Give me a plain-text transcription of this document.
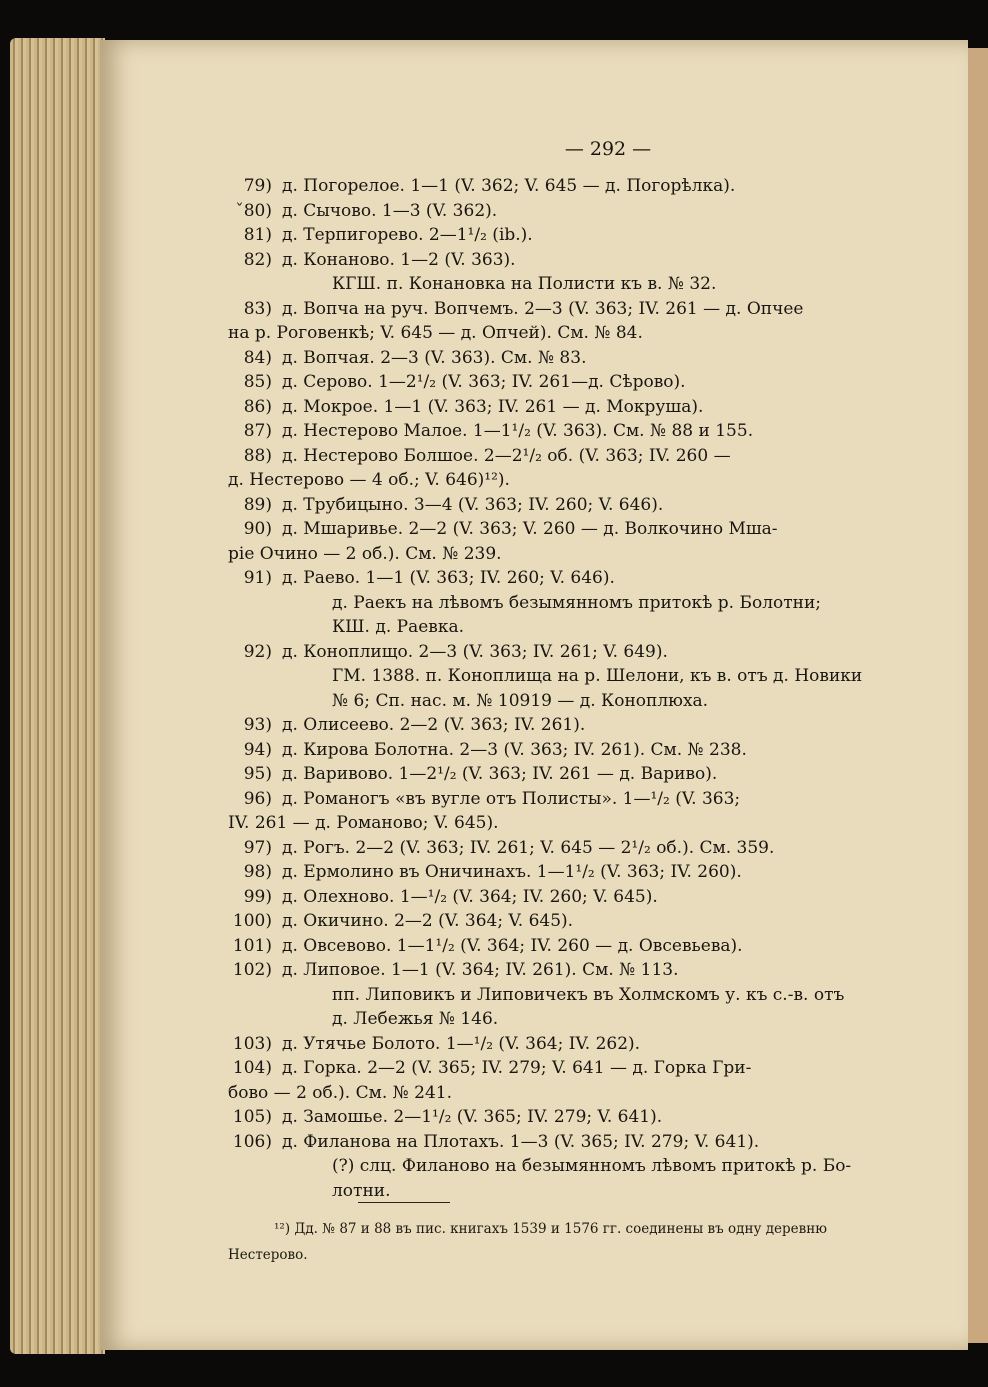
— 292 —
79) д. Погорелое. 1—1 (V. 362; V. 645 — д. Погорѣлка).
ˇ80) д. Сычово. 1—3 (V. 362).
81) д. Терпигорево. 2—1¹/₂ (ib.).
82) д. Конаново. 1—2 (V. 363).
КГШ. п. Конановка на Полисти къ в. № 32.
83) д. Вопча на руч. Вопчемъ. 2—3 (V. 363; IV. 261 — д. Опчее
на р. Роговенкѣ; V. 645 — д. Опчей). См. № 84.
84) д. Вопчая. 2—3 (V. 363). См. № 83.
85) д. Серово. 1—2¹/₂ (V. 363; IV. 261—д. Сѣрово).
86) д. Мокрое. 1—1 (V. 363; IV. 261 — д. Мокруша).
87) д. Нестерово Малое. 1—1¹/₂ (V. 363). См. № 88 и 155.
88) д. Нестерово Болшое. 2—2¹/₂ об. (V. 363; IV. 260 —
д. Нестерово — 4 об.; V. 646)¹²).
89) д. Трубицыно. 3—4 (V. 363; IV. 260; V. 646).
90) д. Мшаривье. 2—2 (V. 363; V. 260 — д. Волкочино Мша-
ріе Очино — 2 об.). См. № 239.
91) д. Раево. 1—1 (V. 363; IV. 260; V. 646).
д. Раекъ на лѣвомъ безымянномъ притокѣ р. Болотни;
КШ. д. Раевка.
92) д. Коноплищо. 2—3 (V. 363; IV. 261; V. 649).
ГМ. 1388. п. Коноплища на р. Шелони, къ в. отъ д. Новики
№ 6; Сп. нас. м. № 10919 — д. Коноплюха.
93) д. Олисеево. 2—2 (V. 363; IV. 261).
94) д. Кирова Болотна. 2—3 (V. 363; IV. 261). См. № 238.
95) д. Варивово. 1—2¹/₂ (V. 363; IV. 261 — д. Вариво).
96) д. Романогъ «въ вугле отъ Полисты». 1—¹/₂ (V. 363;
IV. 261 — д. Романово; V. 645).
97) д. Рогъ. 2—2 (V. 363; IV. 261; V. 645 — 2¹/₂ об.). См. 359.
98) д. Ермолино въ Оничинахъ. 1—1¹/₂ (V. 363; IV. 260).
99) д. Олехново. 1—¹/₂ (V. 364; IV. 260; V. 645).
100) д. Окичино. 2—2 (V. 364; V. 645).
101) д. Овсевово. 1—1¹/₂ (V. 364; IV. 260 — д. Овсевьева).
102) д. Липовое. 1—1 (V. 364; IV. 261). См. № 113.
пп. Липовикъ и Липовичекъ въ Холмскомъ у. къ с.-в. отъ
д. Лебежья № 146.
103) д. Утячье Болото. 1—¹/₂ (V. 364; IV. 262).
104) д. Горка. 2—2 (V. 365; IV. 279; V. 641 — д. Горка Гри-
бово — 2 об.). См. № 241.
105) д. Замошье. 2—1¹/₂ (V. 365; IV. 279; V. 641).
106) д. Филанова на Плотахъ. 1—3 (V. 365; IV. 279; V. 641).
(?) слц. Филаново на безымянномъ лѣвомъ притокѣ р. Бо-
лотни.
¹²) Дд. № 87 и 88 въ пис. книгахъ 1539 и 1576 гг. соединены въ одну деревню
Нестерово.
